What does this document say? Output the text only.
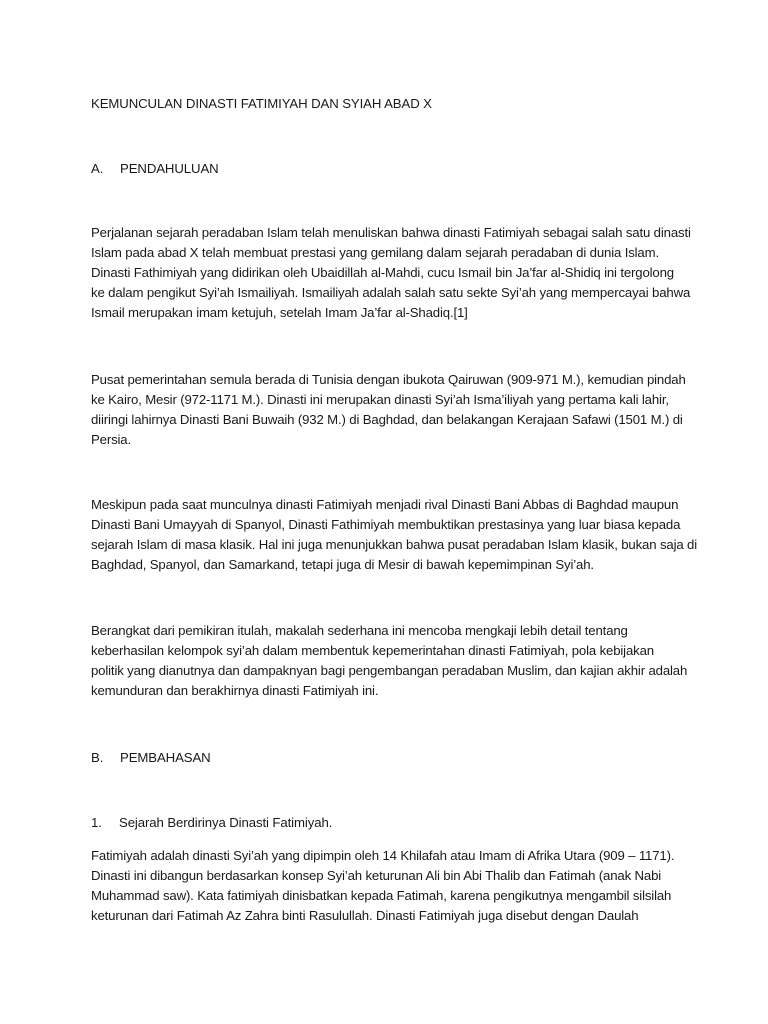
KEMUNCULAN DINASTI FATIMIYAH DAN SYIAH ABAD X
A. PENDAHULUAN
Perjalanan sejarah peradaban Islam telah menuliskan bahwa dinasti Fatimiyah sebagai salah satu dinasti
Islam pada abad X telah membuat prestasi yang gemilang dalam sejarah peradaban di dunia Islam.
Dinasti Fathimiyah yang didirikan oleh Ubaidillah al-Mahdi, cucu Ismail bin Ja’far al-Shidiq ini tergolong
ke dalam pengikut Syi’ah Ismailiyah. Ismailiyah adalah salah satu sekte Syi’ah yang mempercayai bahwa
Ismail merupakan imam ketujuh, setelah Imam Ja’far al-Shadiq.[1]
Pusat pemerintahan semula berada di Tunisia dengan ibukota Qairuwan (909-971 M.), kemudian pindah
ke Kairo, Mesir (972-1171 M.). Dinasti ini merupakan dinasti Syi’ah Isma’iliyah yang pertama kali lahir,
diiringi lahirnya Dinasti Bani Buwaih (932 M.) di Baghdad, dan belakangan Kerajaan Safawi (1501 M.) di
Persia.
Meskipun pada saat munculnya dinasti Fatimiyah menjadi rival Dinasti Bani Abbas di Baghdad maupun
Dinasti Bani Umayyah di Spanyol, Dinasti Fathimiyah membuktikan prestasinya yang luar biasa kepada
sejarah Islam di masa klasik. Hal ini juga menunjukkan bahwa pusat peradaban Islam klasik, bukan saja di
Baghdad, Spanyol, dan Samarkand, tetapi juga di Mesir di bawah kepemimpinan Syi’ah.
Berangkat dari pemikiran itulah, makalah sederhana ini mencoba mengkaji lebih detail tentang
keberhasilan kelompok syi’ah dalam membentuk kepemerintahan dinasti Fatimiyah, pola kebijakan
politik yang dianutnya dan dampaknyan bagi pengembangan peradaban Muslim, dan kajian akhir adalah
kemunduran dan berakhirnya dinasti Fatimiyah ini.
B. PEMBAHASAN
1. Sejarah Berdirinya Dinasti Fatimiyah.
Fatimiyah adalah dinasti Syi’ah yang dipimpin oleh 14 Khilafah atau Imam di Afrika Utara (909 – 1171).
Dinasti ini dibangun berdasarkan konsep Syi’ah keturunan Ali bin Abi Thalib dan Fatimah (anak Nabi
Muhammad saw). Kata fatimiyah dinisbatkan kepada Fatimah, karena pengikutnya mengambil silsilah
keturunan dari Fatimah Az Zahra binti Rasulullah. Dinasti Fatimiyah juga disebut dengan Daulah
